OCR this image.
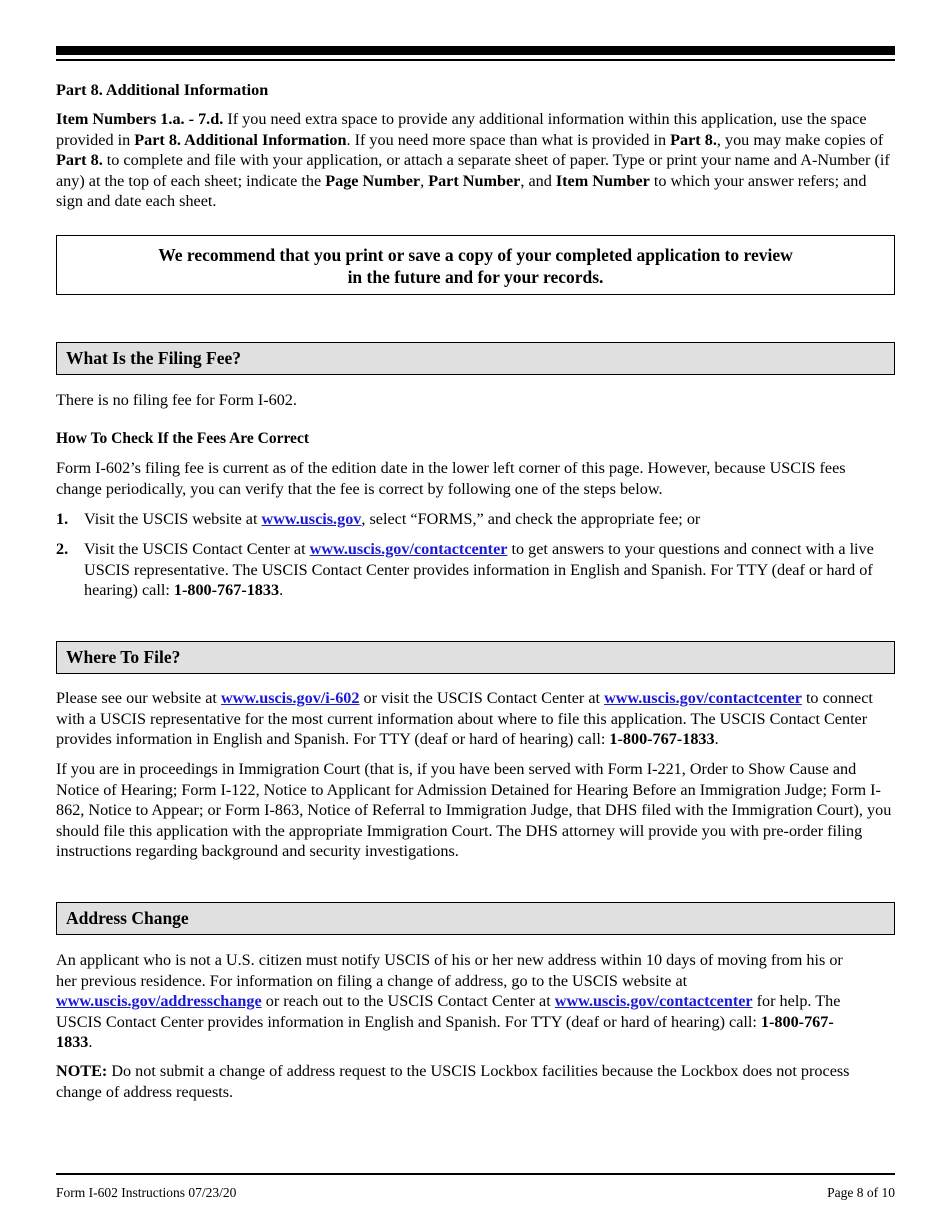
Part 8. Additional Information

Item Numbers 1.a. - 7.d. If you need extra space to provide any additional information within this application, use the space provided in Part 8. Additional Information. If you need more space than what is provided in Part 8., you may make copies of Part 8. to complete and file with your application, or attach a separate sheet of paper. Type or print your name and A-Number (if any) at the top of each sheet; indicate the Page Number, Part Number, and Item Number to which your answer refers; and sign and date each sheet.

We recommend that you print or save a copy of your completed application to review
in the future and for your records.
What Is the Filing Fee?

There is no filing fee for Form I-602.

How To Check If the Fees Are Correct

Form I-602’s filing fee is current as of the edition date in the lower left corner of this page. However, because USCIS fees change periodically, you can verify that the fee is correct by following one of the steps below.

1. Visit the USCIS website at www.uscis.gov, select “FORMS,” and check the appropriate fee; or

2. Visit the USCIS Contact Center at www.uscis.gov/contactcenter to get answers to your questions and connect with a live USCIS representative. The USCIS Contact Center provides information in English and Spanish. For TTY (deaf or hard of hearing) call: 1-800-767-1833.

Where To File?

Please see our website at www.uscis.gov/i-602 or visit the USCIS Contact Center at www.uscis.gov/contactcenter to connect with a USCIS representative for the most current information about where to file this application. The USCIS Contact Center provides information in English and Spanish. For TTY (deaf or hard of hearing) call: 1-800-767-1833.

If you are in proceedings in Immigration Court (that is, if you have been served with Form I-221, Order to Show Cause and Notice of Hearing; Form I-122, Notice to Applicant for Admission Detained for Hearing Before an Immigration Judge; Form I-862, Notice to Appear; or Form I-863, Notice of Referral to Immigration Judge, that DHS filed with the Immigration Court), you should file this application with the appropriate Immigration Court. The DHS attorney will provide you with pre-order filing instructions regarding background and security investigations.

Address Change

An applicant who is not a U.S. citizen must notify USCIS of his or her new address within 10 days of moving from his or her previous residence. For information on filing a change of address, go to the USCIS website at www.uscis.gov/addresschange or reach out to the USCIS Contact Center at www.uscis.gov/contactcenter for help. The USCIS Contact Center provides information in English and Spanish. For TTY (deaf or hard of hearing) call: 1-800-767-1833.

NOTE: Do not submit a change of address request to the USCIS Lockbox facilities because the Lockbox does not process change of address requests.

Form I-602 Instructions 07/23/20	Page 8 of 10
